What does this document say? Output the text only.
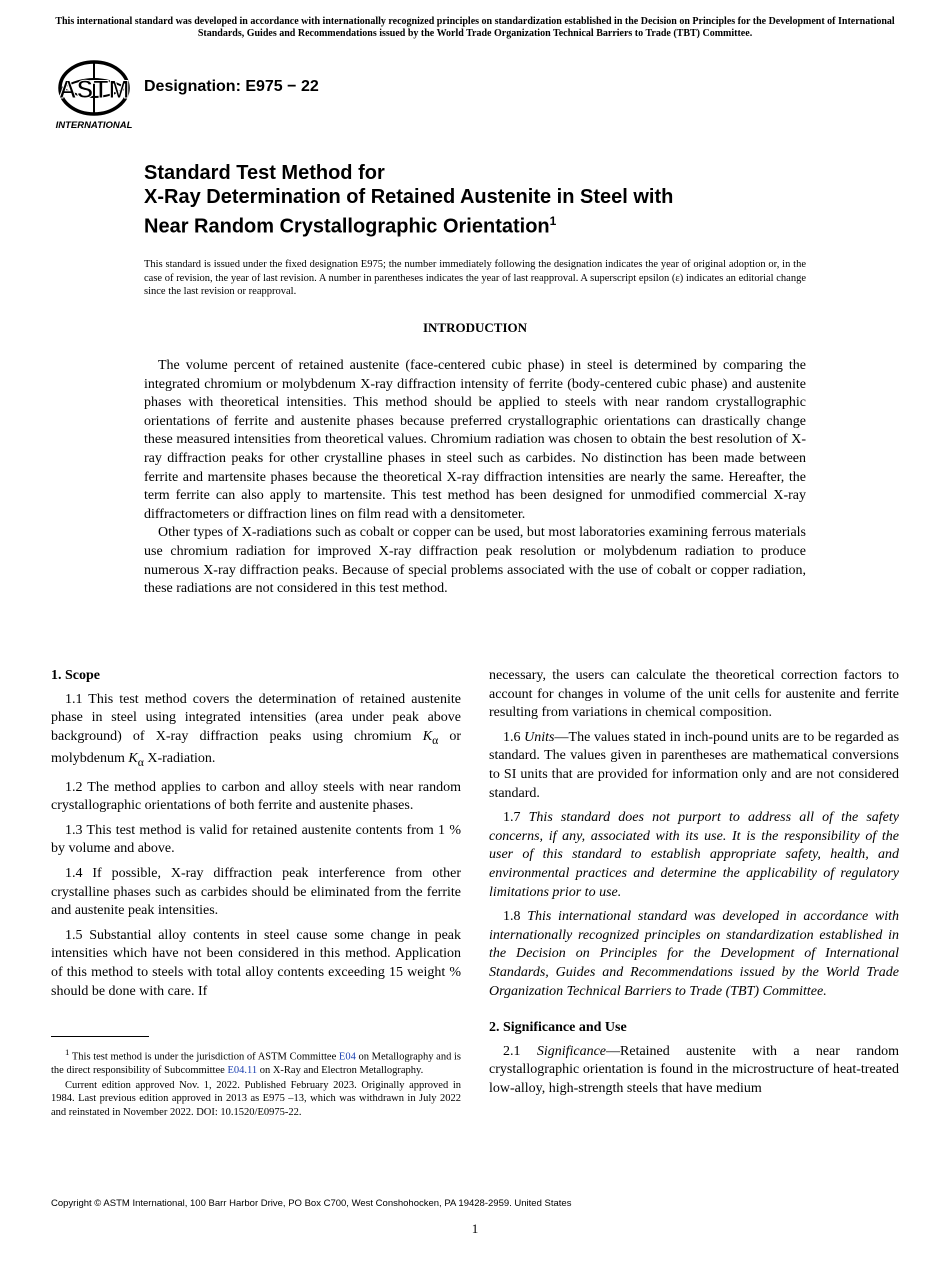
This international standard was developed in accordance with internationally recognized principles on standardization established in the Decision on Principles for the Development of International Standards, Guides and Recommendations issued by the World Trade Organization Technical Barriers to Trade (TBT) Committee.
ASTM
INTERNATIONAL
Designation: E975 − 22
Standard Test Method for
X-Ray Determination of Retained Austenite in Steel with
Near Random Crystallographic Orientation$^1$
This standard is issued under the fixed designation E975; the number immediately following the designation indicates the year of original adoption or, in the case of revision, the year of last revision. A number in parentheses indicates the year of last reapproval. A superscript epsilon (ε) indicates an editorial change since the last revision or reapproval.
INTRODUCTION

The volume percent of retained austenite (face-centered cubic phase) in steel is determined by comparing the integrated chromium or molybdenum X-ray diffraction intensity of ferrite (body-centered cubic phase) and austenite phases with theoretical intensities. This method should be applied to steels with near random crystallographic orientations of ferrite and austenite phases because preferred crystallographic orientations can drastically change these measured intensities from theoretical values. Chromium radiation was chosen to obtain the best resolution of X-ray diffraction peaks for other crystalline phases in steel such as carbides. No distinction has been made between ferrite and martensite phases because the theoretical X-ray diffraction intensities are nearly the same. Hereafter, the term ferrite can also apply to martensite. This test method has been designed for unmodified commercial X-ray diffractometers or diffraction lines on film read with a densitometer.

Other types of X-radiations such as cobalt or copper can be used, but most laboratories examining ferrous materials use chromium radiation for improved X-ray diffraction peak resolution or molybdenum radiation to produce numerous X-ray diffraction peaks. Because of special problems associated with the use of cobalt or copper radiation, these radiations are not considered in this test method.

1. Scope

1.1 This test method covers the determination of retained austenite phase in steel using integrated intensities (area under peak above background) of X-ray diffraction peaks using chromium $K_\alpha$ or molybdenum $K_\alpha$ X-radiation.

1.2 The method applies to carbon and alloy steels with near random crystallographic orientations of both ferrite and austenite phases.

1.3 This test method is valid for retained austenite contents from 1 % by volume and above.

1.4 If possible, X-ray diffraction peak interference from other crystalline phases such as carbides should be eliminated from the ferrite and austenite peak intensities.

1.5 Substantial alloy contents in steel cause some change in peak intensities which have not been considered in this method. Application of this method to steels with total alloy contents exceeding 15 weight % should be done with care. If

necessary, the users can calculate the theoretical correction factors to account for changes in volume of the unit cells for austenite and ferrite resulting from variations in chemical composition.

1.6 Units—The values stated in inch-pound units are to be regarded as standard. The values given in parentheses are mathematical conversions to SI units that are provided for information only and are not considered standard.

1.7 This standard does not purport to address all of the safety concerns, if any, associated with its use. It is the responsibility of the user of this standard to establish appropriate safety, health, and environmental practices and determine the applicability of regulatory limitations prior to use.

1.8 This international standard was developed in accordance with internationally recognized principles on standardization established in the Decision on Principles for the Development of International Standards, Guides and Recommendations issued by the World Trade Organization Technical Barriers to Trade (TBT) Committee.

2. Significance and Use

2.1 Significance—Retained austenite with a near random crystallographic orientation is found in the microstructure of heat-treated low-alloy, high-strength steels that have medium

$^1$ This test method is under the jurisdiction of ASTM Committee E04 on Metallography and is the direct responsibility of Subcommittee E04.11 on X-Ray and Electron Metallography.

Current edition approved Nov. 1, 2022. Published February 2023. Originally approved in 1984. Last previous edition approved in 2013 as E975 –13, which was withdrawn in July 2022 and reinstated in November 2022. DOI: 10.1520/E0975-22.

Copyright © ASTM International, 100 Barr Harbor Drive, PO Box C700, West Conshohocken, PA 19428-2959. United States
1
